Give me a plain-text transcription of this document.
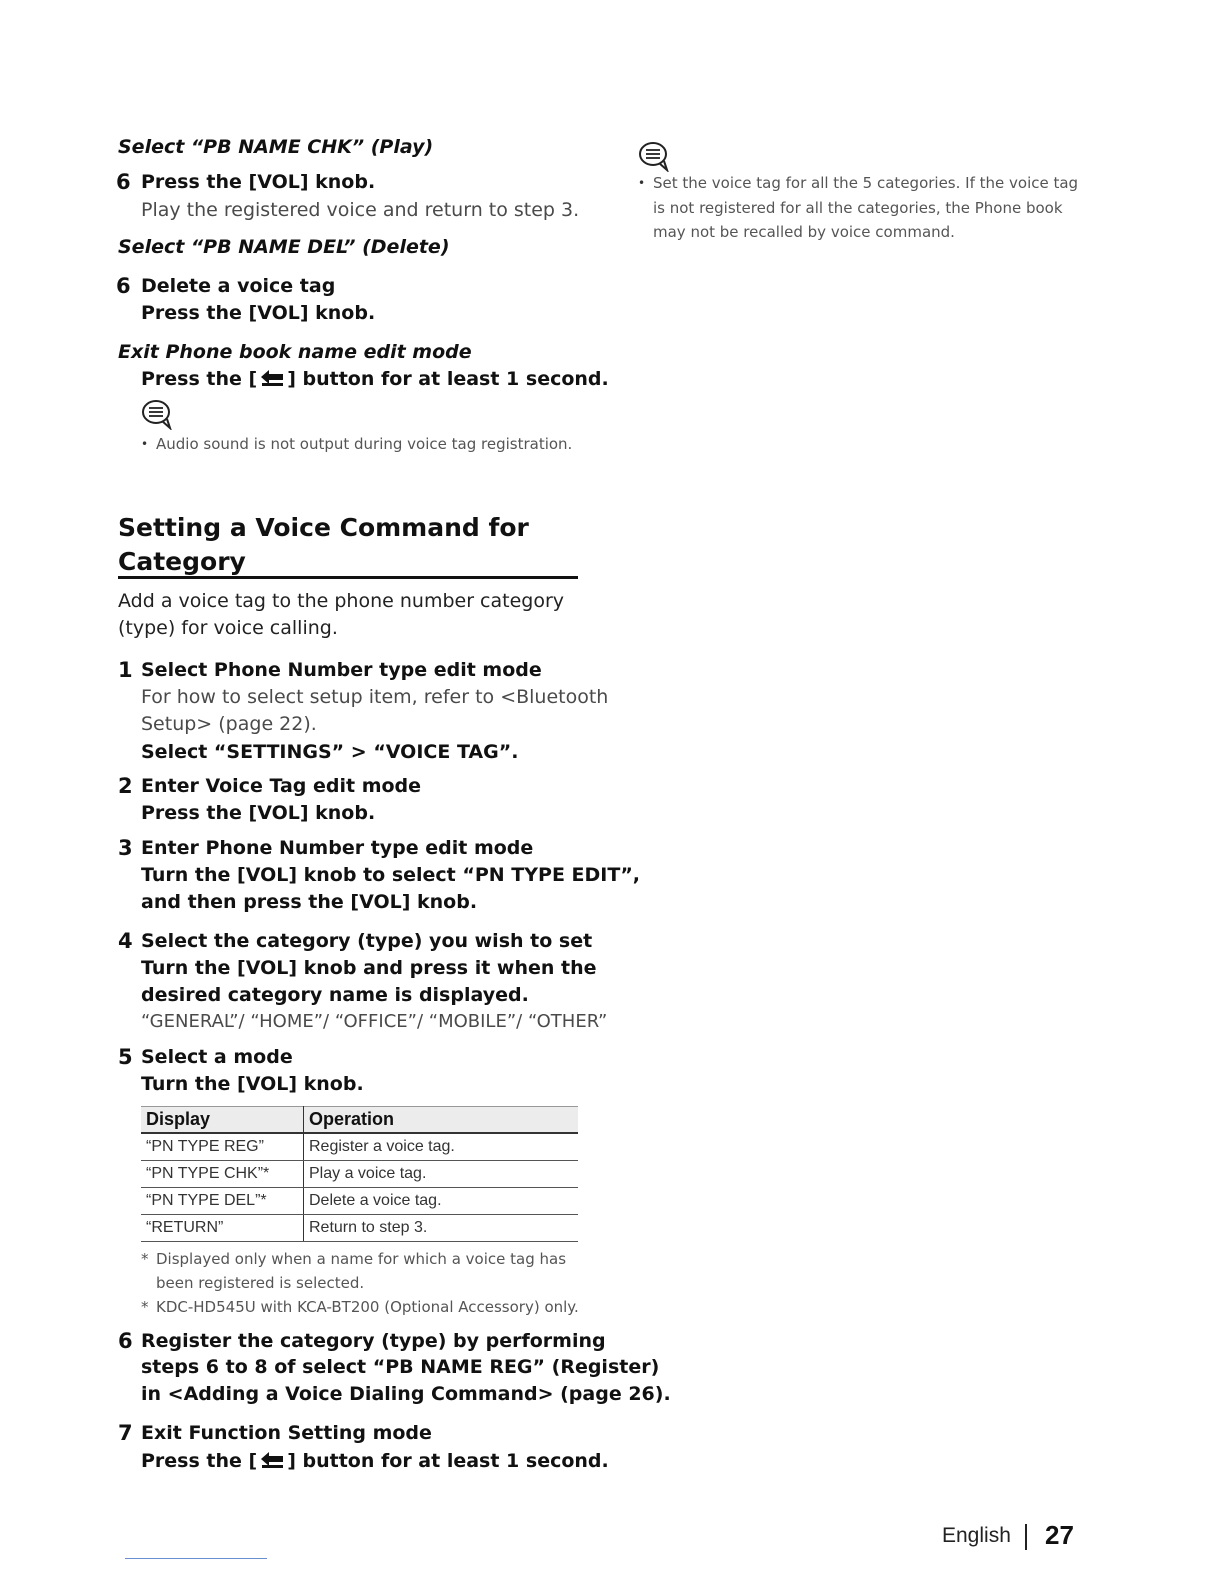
Select “PB NAME CHK” (Play)
6 Press the [VOL] knob.
Play the registered voice and return to step 3.
Select “PB NAME DEL” (Delete)
6 Delete a voice tag
Press the [VOL] knob.
Exit Phone book name edit mode
Press the [ ] button for at least 1 second.
• Audio sound is not output during voice tag registration.
Setting a Voice Command for
Category
Add a voice tag to the phone number category
(type) for voice calling.
1 Select Phone Number type edit mode
For how to select setup item, refer to <Bluetooth
Setup> (page 22).
Select “SETTINGS” > “VOICE TAG”.
2 Enter Voice Tag edit mode
Press the [VOL] knob.
3 Enter Phone Number type edit mode
Turn the [VOL] knob to select “PN TYPE EDIT”,
and then press the [VOL] knob.
4 Select the category (type) you wish to set
Turn the [VOL] knob and press it when the
desired category name is displayed.
“GENERAL”/ “HOME”/ “OFFICE”/ “MOBILE”/ “OTHER”
5 Select a mode
Turn the [VOL] knob.
Display	Operation
“PN TYPE REG”	Register a voice tag.
“PN TYPE CHK”*	Play a voice tag.
“PN TYPE DEL”*	Delete a voice tag.
“RETURN”	Return to step 3.
* Displayed only when a name for which a voice tag has been registered is selected.
* KDC-HD545U with KCA-BT200 (Optional Accessory) only.
6 Register the category (type) by performing
steps 6 to 8 of select “PB NAME REG” (Register)
in <Adding a Voice Dialing Command> (page 26).
7 Exit Function Setting mode
Press the [ ] button for at least 1 second.
• Set the voice tag for all the 5 categories. If the voice tag
is not registered for all the categories, the Phone book
may not be recalled by voice command.
English 27
